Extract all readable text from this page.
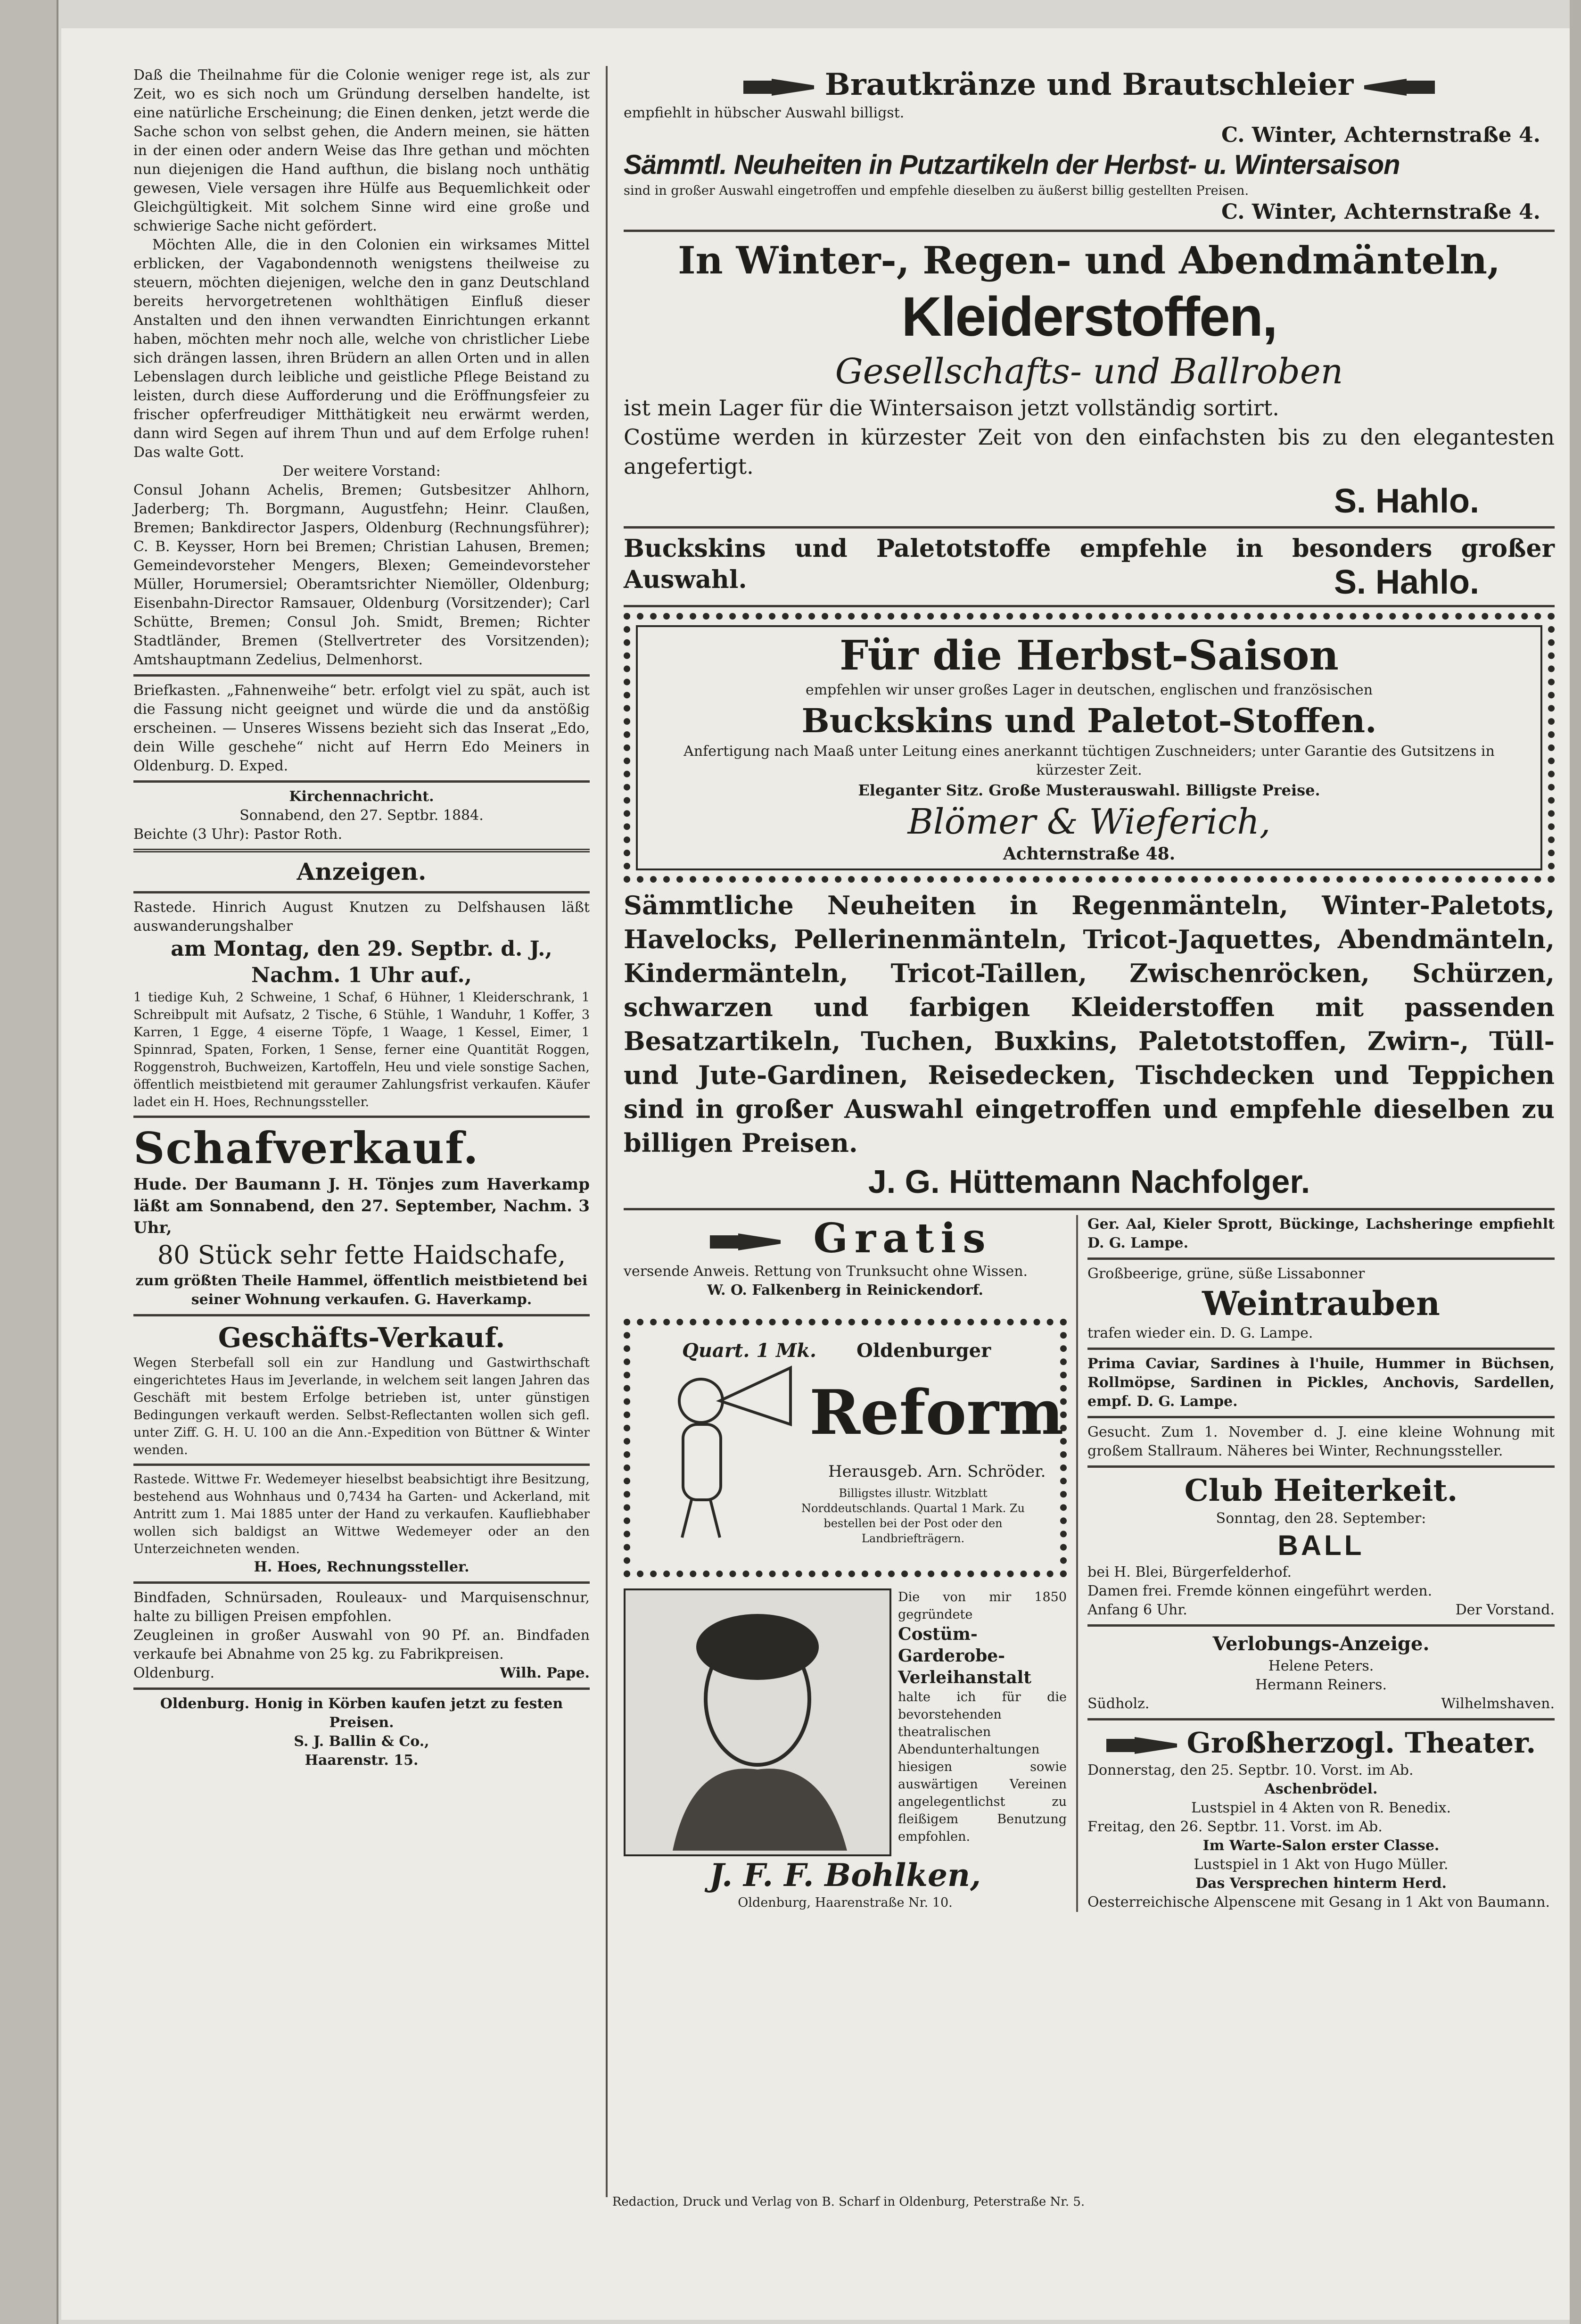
Daß die Theilnahme für die Colonie weniger rege ist, als zur Zeit, wo es sich noch um Gründung derselben handelte, ist eine natürliche Erscheinung; die Einen denken, jetzt werde die Sache schon von selbst gehen, die Andern meinen, sie hätten in der einen oder andern Weise das Ihre gethan und möchten nun diejenigen die Hand aufthun, die bislang noch unthätig gewesen, Viele versagen ihre Hülfe aus Bequemlichkeit oder Gleichgültigkeit. Mit solchem Sinne wird eine große und schwierige Sache nicht gefördert.

Möchten Alle, die in den Colonien ein wirksames Mittel erblicken, der Vagabondennoth wenigstens theilweise zu steuern, möchten diejenigen, welche den in ganz Deutschland bereits hervorgetretenen wohlthätigen Einfluß dieser Anstalten und den ihnen verwandten Einrichtungen erkannt haben, möchten mehr noch alle, welche von christlicher Liebe sich drängen lassen, ihren Brüdern an allen Orten und in allen Lebenslagen durch leibliche und geistliche Pflege Beistand zu leisten, durch diese Aufforderung und die Eröffnungsfeier zu frischer opferfreudiger Mitthätigkeit neu erwärmt werden, dann wird Segen auf ihrem Thun und auf dem Erfolge ruhen! Das walte Gott.

Der weitere Vorstand:

Consul Johann Achelis, Bremen; Gutsbesitzer Ahlhorn, Jaderberg; Th. Borgmann, Augustfehn; Heinr. Claußen, Bremen; Bankdirector Jaspers, Oldenburg (Rechnungsführer); C. B. Keysser, Horn bei Bremen; Christian Lahusen, Bremen; Gemeindevorsteher Mengers, Blexen; Gemeindevorsteher Müller, Horumersiel; Oberamtsrichter Niemöller, Oldenburg; Eisenbahn-Director Ramsauer, Oldenburg (Vorsitzender); Carl Schütte, Bremen; Consul Joh. Smidt, Bremen; Richter Stadtländer, Bremen (Stellvertreter des Vorsitzenden); Amtshauptmann Zedelius, Delmenhorst.

Briefkasten. „Fahnenweihe“ betr. erfolgt viel zu spät, auch ist die Fassung nicht geeignet und würde die und da anstößig erscheinen. — Unseres Wissens bezieht sich das Inserat „Edo, dein Wille geschehe“ nicht auf Herrn Edo Meiners in Oldenburg. D. Exped.

Kirchennachricht.

Sonnabend, den 27. Septbr. 1884.

Beichte (3 Uhr): Pastor Roth.

Anzeigen.

Rastede. Hinrich August Knutzen zu Delfshausen läßt auswanderungshalber

am Montag, den 29. Septbr. d. J.,

Nachm. 1 Uhr auf.,

1 tiedige Kuh, 2 Schweine, 1 Schaf, 6 Hühner, 1 Kleiderschrank, 1 Schreibpult mit Aufsatz, 2 Tische, 6 Stühle, 1 Wanduhr, 1 Koffer, 3 Karren, 1 Egge, 4 eiserne Töpfe, 1 Waage, 1 Kessel, Eimer, 1 Spinnrad, Spaten, Forken, 1 Sense, ferner eine Quantität Roggen, Roggenstroh, Buchweizen, Kartoffeln, Heu und viele sonstige Sachen, öffentlich meistbietend mit geraumer Zahlungsfrist verkaufen. Käufer ladet ein H. Hoes, Rechnungssteller.

Schafverkauf.

Hude. Der Baumann J. H. Tönjes zum Haverkamp läßt am Sonnabend, den 27. September, Nachm. 3 Uhr,

80 Stück sehr fette Haidschafe,

zum größten Theile Hammel, öffentlich meistbietend bei seiner Wohnung verkaufen. G. Haverkamp.

Geschäfts-Verkauf.

Wegen Sterbefall soll ein zur Handlung und Gastwirthschaft eingerichtetes Haus im Jeverlande, in welchem seit langen Jahren das Geschäft mit bestem Erfolge betrieben ist, unter günstigen Bedingungen verkauft werden. Selbst-Reflectanten wollen sich gefl. unter Ziff. G. H. U. 100 an die Ann.-Expedition von Büttner & Winter wenden.

Rastede. Wittwe Fr. Wedemeyer hieselbst beabsichtigt ihre Besitzung, bestehend aus Wohnhaus und 0,7434 ha Garten- und Ackerland, mit Antritt zum 1. Mai 1885 unter der Hand zu verkaufen. Kaufliebhaber wollen sich baldigst an Wittwe Wedemeyer oder an den Unterzeichneten wenden.

H. Hoes, Rechnungssteller.

Bindfaden, Schnürsaden, Rouleaux- und Marquisenschnur, halte zu billigen Preisen empfohlen.

Zeugleinen in großer Auswahl von 90 Pf. an. Bindfaden verkaufe bei Abnahme von 25 kg. zu Fabrikpreisen.

Oldenburg.	Wilh. Pape.

Oldenburg. Honig in Körben kaufen jetzt zu festen Preisen.

S. J. Ballin & Co.,

Haarenstr. 15.

Brautkränze und Brautschleier

empfiehlt in hübscher Auswahl billigst.

C. Winter, Achternstraße 4.

Sämmtl. Neuheiten in Putzartikeln der Herbst- u. Wintersaison

sind in großer Auswahl eingetroffen und empfehle dieselben zu äußerst billig gestellten Preisen.

C. Winter, Achternstraße 4.

In Winter-, Regen- und Abendmänteln,

Kleiderstoffen,

Gesellschafts- und Ballroben

ist mein Lager für die Wintersaison jetzt vollständig sortirt.

Costüme werden in kürzester Zeit von den einfachsten bis zu den elegantesten angefertigt.

S. Hahlo.

Buckskins und Paletotstoffe empfehle in besonders großer Auswahl.	S. Hahlo.

Für die Herbst-Saison

empfehlen wir unser großes Lager in deutschen, englischen und französischen

Buckskins und Paletot-Stoffen.

Anfertigung nach Maaß unter Leitung eines anerkannt tüchtigen Zuschneiders; unter Garantie des Gutsitzens in kürzester Zeit.

Eleganter Sitz. Große Musterauswahl. Billigste Preise.

Blömer & Wieferich,

Achternstraße 48.

Sämmtliche Neuheiten in Regenmänteln, Winter-Paletots, Havelocks, Pellerinenmänteln, Tricot-Jaquettes, Abendmänteln, Kindermänteln, Tricot-Taillen, Zwischenröcken, Schürzen, schwarzen und farbigen Kleiderstoffen mit passenden Besatzartikeln, Tuchen, Buxkins, Paletotstoffen, Zwirn-, Tüll- und Jute-Gardinen, Reisedecken, Tischdecken und Teppichen sind in großer Auswahl eingetroffen und empfehle dieselben zu billigen Preisen.

J. G. Hüttemann Nachfolger.

Gratis

versende Anweis. Rettung von Trunksucht ohne Wissen.

W. O. Falkenberg in Reinickendorf.

Quart. 1 Mk. Oldenburger

Reform

Herausgeb. Arn. Schröder.

Billigstes illustr. Witzblatt Norddeutschlands. Quartal 1 Mark. Zu bestellen bei der Post oder den Landbriefträgern.

Die von mir 1850 gegründete

Costüm-Garderobe-Verleihanstalt

halte ich für die bevorstehenden theatralischen Abendunterhaltungen hiesigen sowie auswärtigen Vereinen angelegentlichst zu fleißigem Benutzung empfohlen.

J. F. F. Bohlken,

Oldenburg, Haarenstraße Nr. 10.

Ger. Aal, Kieler Sprott, Bückinge, Lachsheringe empfiehlt D. G. Lampe.

Großbeerige, grüne, süße Lissabonner

Weintrauben

trafen wieder ein. D. G. Lampe.

Prima Caviar, Sardines à l'huile, Hummer in Büchsen, Rollmöpse, Sardinen in Pickles, Anchovis, Sardellen, empf. D. G. Lampe.

Gesucht. Zum 1. November d. J. eine kleine Wohnung mit großem Stallraum. Näheres bei Winter, Rechnungssteller.

Club Heiterkeit.

Sonntag, den 28. September:

BALL

bei H. Blei, Bürgerfelderhof.

Damen frei. Fremde können eingeführt werden.

Anfang 6 Uhr.	Der Vorstand.

Verlobungs-Anzeige.

Helene Peters.

Hermann Reiners.

Südholz.	Wilhelmshaven.
Großherzogl. Theater.

Donnerstag, den 25. Septbr. 10. Vorst. im Ab.

Aschenbrödel.

Lustspiel in 4 Akten von R. Benedix.

Freitag, den 26. Septbr. 11. Vorst. im Ab.

Im Warte-Salon erster Classe.

Lustspiel in 1 Akt von Hugo Müller.

Das Versprechen hinterm Herd.

Oesterreichische Alpenscene mit Gesang in 1 Akt von Baumann.

Redaction, Druck und Verlag von B. Scharf in Oldenburg, Peterstraße Nr. 5.
